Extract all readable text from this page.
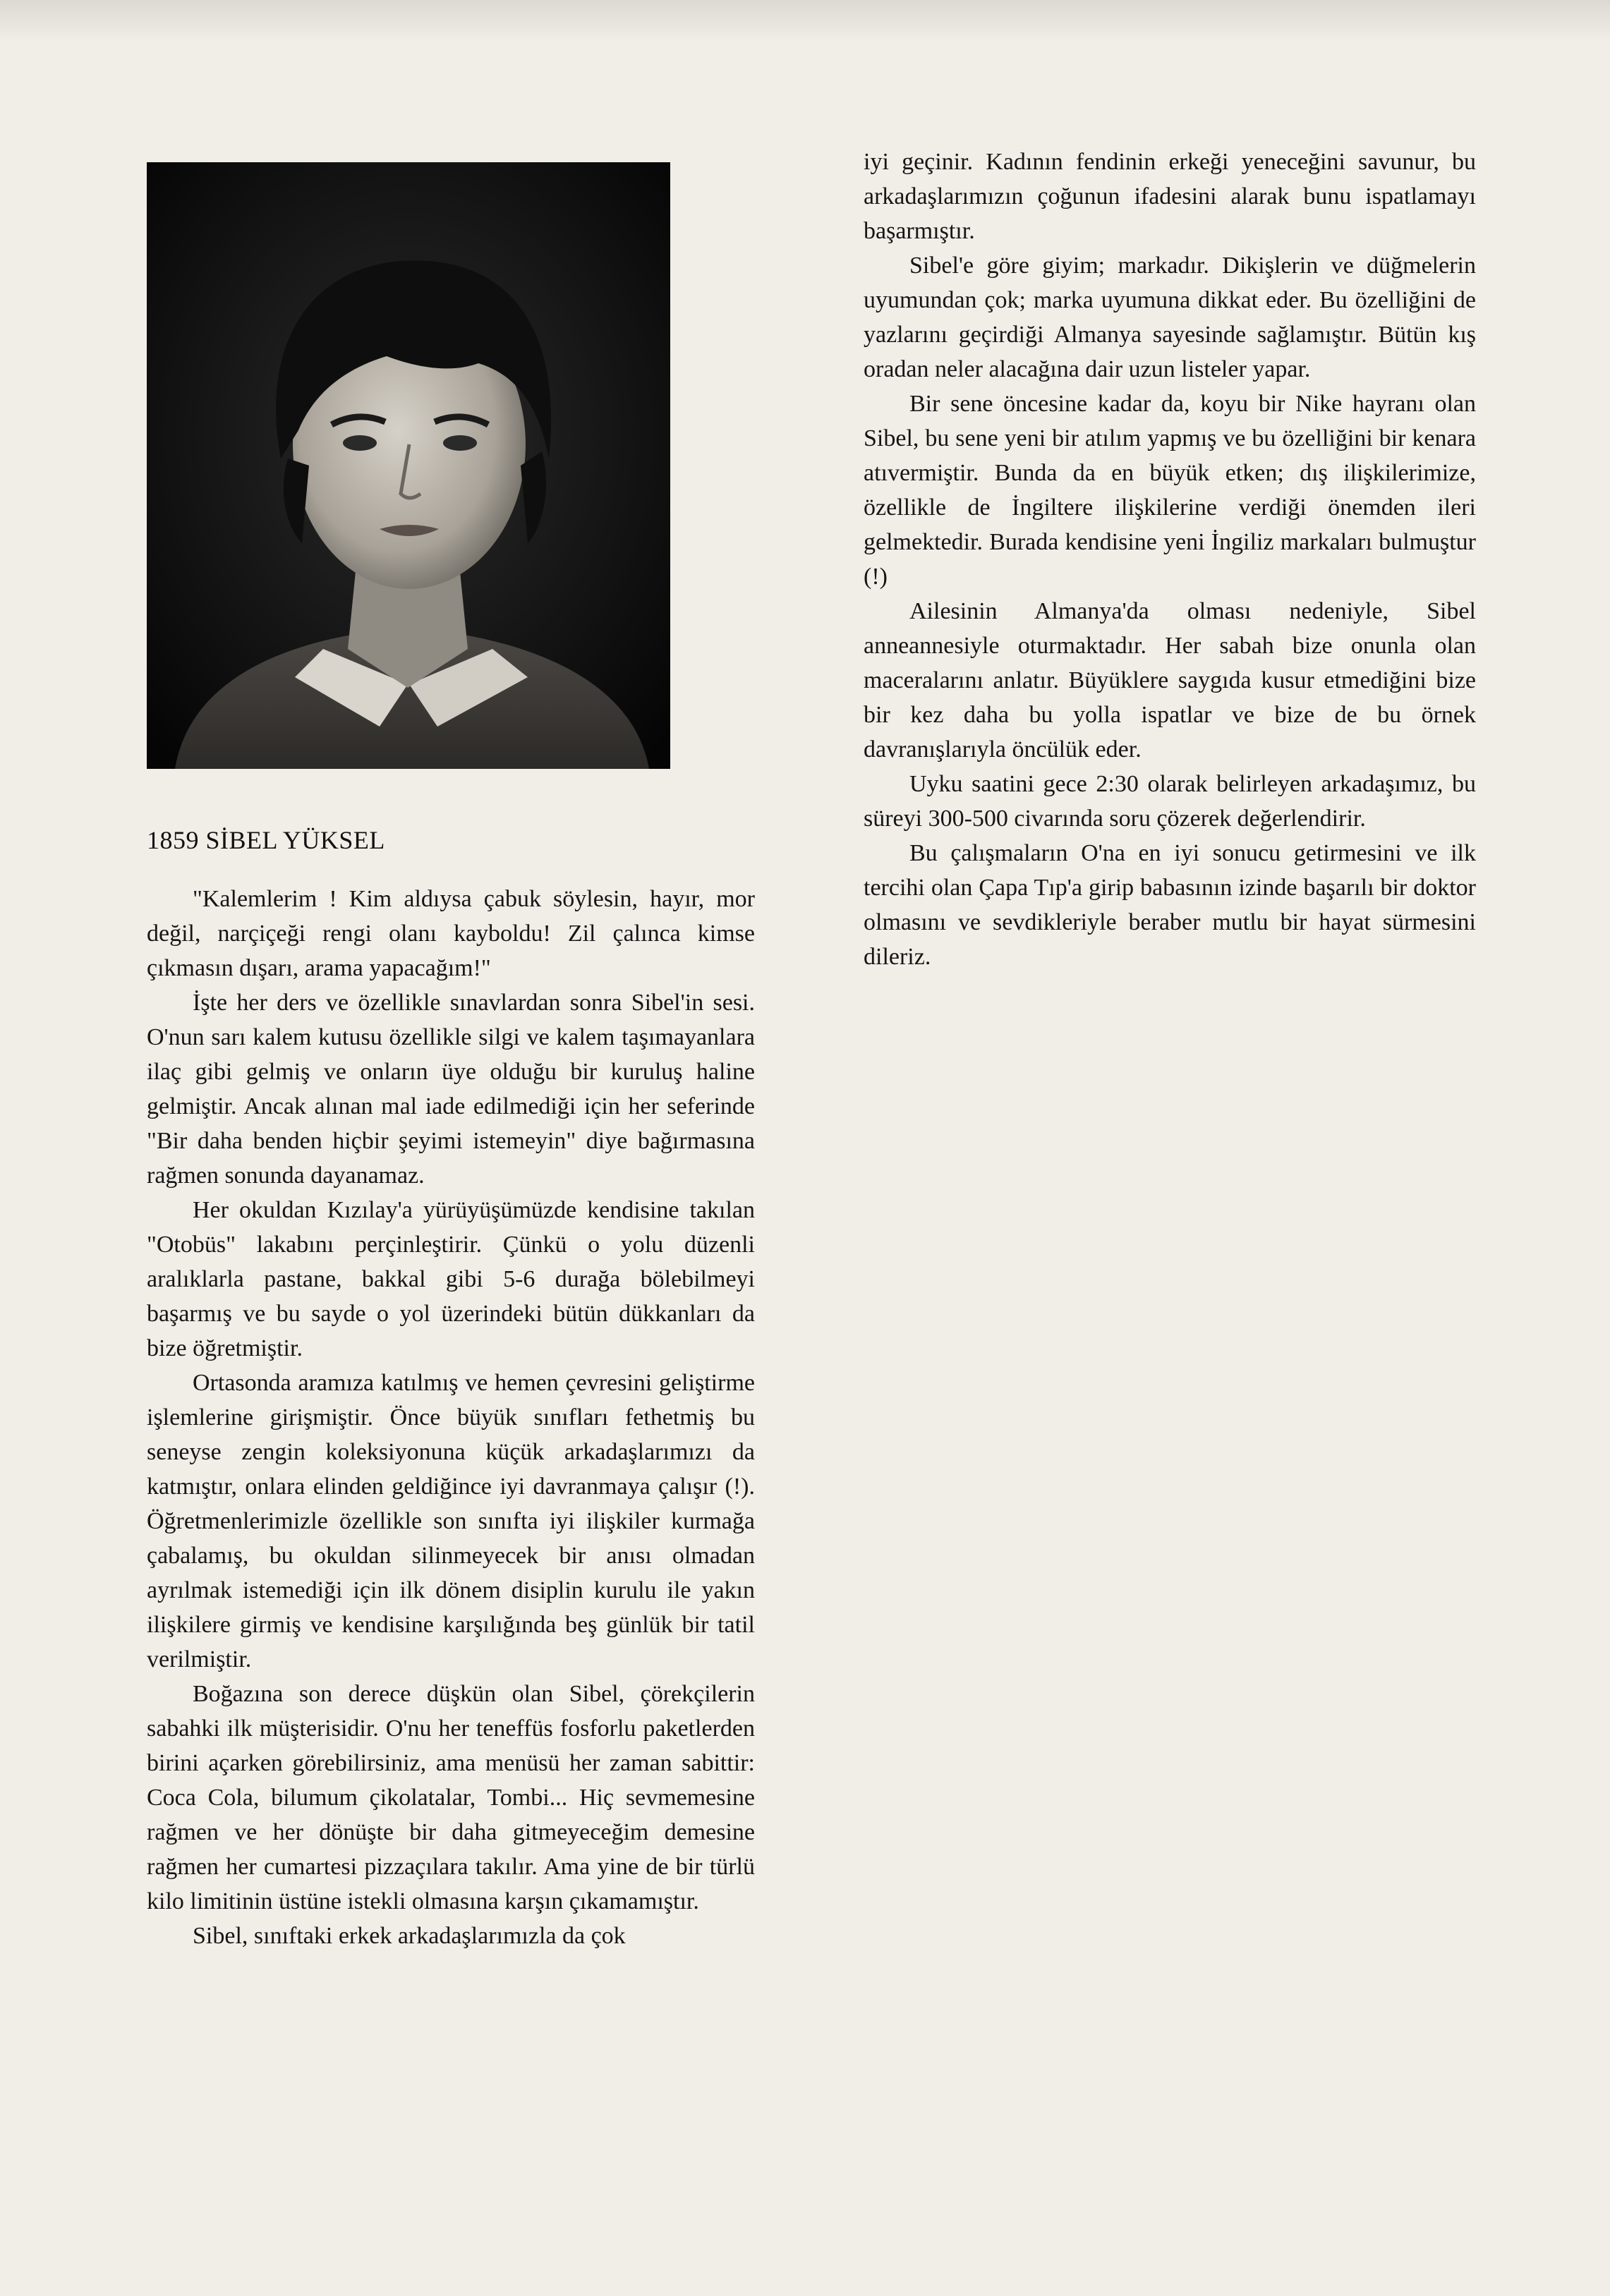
1859 SİBEL YÜKSEL

"Kalemlerim ! Kim aldıysa çabuk söylesin, hayır, mor değil, narçiçeği rengi olanı kayboldu! Zil çalınca kimse çıkmasın dışarı, arama yapacağım!"

İşte her ders ve özellikle sınavlardan sonra Sibel'in sesi. O'nun sarı kalem kutusu özellikle silgi ve kalem taşımayanlara ilaç gibi gelmiş ve onların üye olduğu bir kuruluş haline gelmiştir. Ancak alınan mal iade edilmediği için her seferinde "Bir daha benden hiçbir şeyimi istemeyin" diye bağırmasına rağmen sonunda dayanamaz.

Her okuldan Kızılay'a yürüyüşümüzde kendisine takılan "Otobüs" lakabını perçinleştirir. Çünkü o yolu düzenli aralıklarla pastane, bakkal gibi 5-6 durağa bölebilmeyi başarmış ve bu sayde o yol üzerindeki bütün dükkanları da bize öğretmiştir.

Ortasonda aramıza katılmış ve hemen çevresini geliştirme işlemlerine girişmiştir. Önce büyük sınıfları fethetmiş bu seneyse zengin koleksiyonuna küçük arkadaşlarımızı da katmıştır, onlara elinden geldiğince iyi davranmaya çalışır (!). Öğretmenlerimizle özellikle son sınıfta iyi ilişkiler kurmağa çabalamış, bu okuldan silinmeyecek bir anısı olmadan ayrılmak istemediği için ilk dönem disiplin kurulu ile yakın ilişkilere girmiş ve kendisine karşılığında beş günlük bir tatil verilmiştir.

Boğazına son derece düşkün olan Sibel, çörekçilerin sabahki ilk müşterisidir. O'nu her teneffüs fosforlu paketlerden birini açarken görebilirsiniz, ama menüsü her zaman sabittir: Coca Cola, bilumum çikolatalar, Tombi... Hiç sevmemesine rağmen ve her dönüşte bir daha gitmeyeceğim demesine rağmen her cumartesi pizzaçılara takılır. Ama yine de bir türlü kilo limitinin üstüne istekli olmasına karşın çıkamamıştır.

Sibel, sınıftaki erkek arkadaşlarımızla da çok

iyi geçinir. Kadının fendinin erkeği yeneceğini savunur, bu arkadaşlarımızın çoğunun ifadesini alarak bunu ispatlamayı başarmıştır.

Sibel'e göre giyim; markadır. Dikişlerin ve düğmelerin uyumundan çok; marka uyumuna dikkat eder. Bu özelliğini de yazlarını geçirdiği Almanya sayesinde sağlamıştır. Bütün kış oradan neler alacağına dair uzun listeler yapar.

Bir sene öncesine kadar da, koyu bir Nike hayranı olan Sibel, bu sene yeni bir atılım yapmış ve bu özelliğini bir kenara atıvermiştir. Bunda da en büyük etken; dış ilişkilerimize, özellikle de İngiltere ilişkilerine verdiği önemden ileri gelmektedir. Burada kendisine yeni İngiliz markaları bulmuştur (!)

Ailesinin Almanya'da olması nedeniyle, Sibel anneannesiyle oturmaktadır. Her sabah bize onunla olan maceralarını anlatır. Büyüklere saygıda kusur etmediğini bize bir kez daha bu yolla ispatlar ve bize de bu örnek davranışlarıyla öncülük eder.

Uyku saatini gece 2:30 olarak belirleyen arkadaşımız, bu süreyi 300-500 civarında soru çözerek değerlendirir.

Bu çalışmaların O'na en iyi sonucu getirmesini ve ilk tercihi olan Çapa Tıp'a girip babasının izinde başarılı bir doktor olmasını ve sevdikleriyle beraber mutlu bir hayat sürmesini dileriz.
